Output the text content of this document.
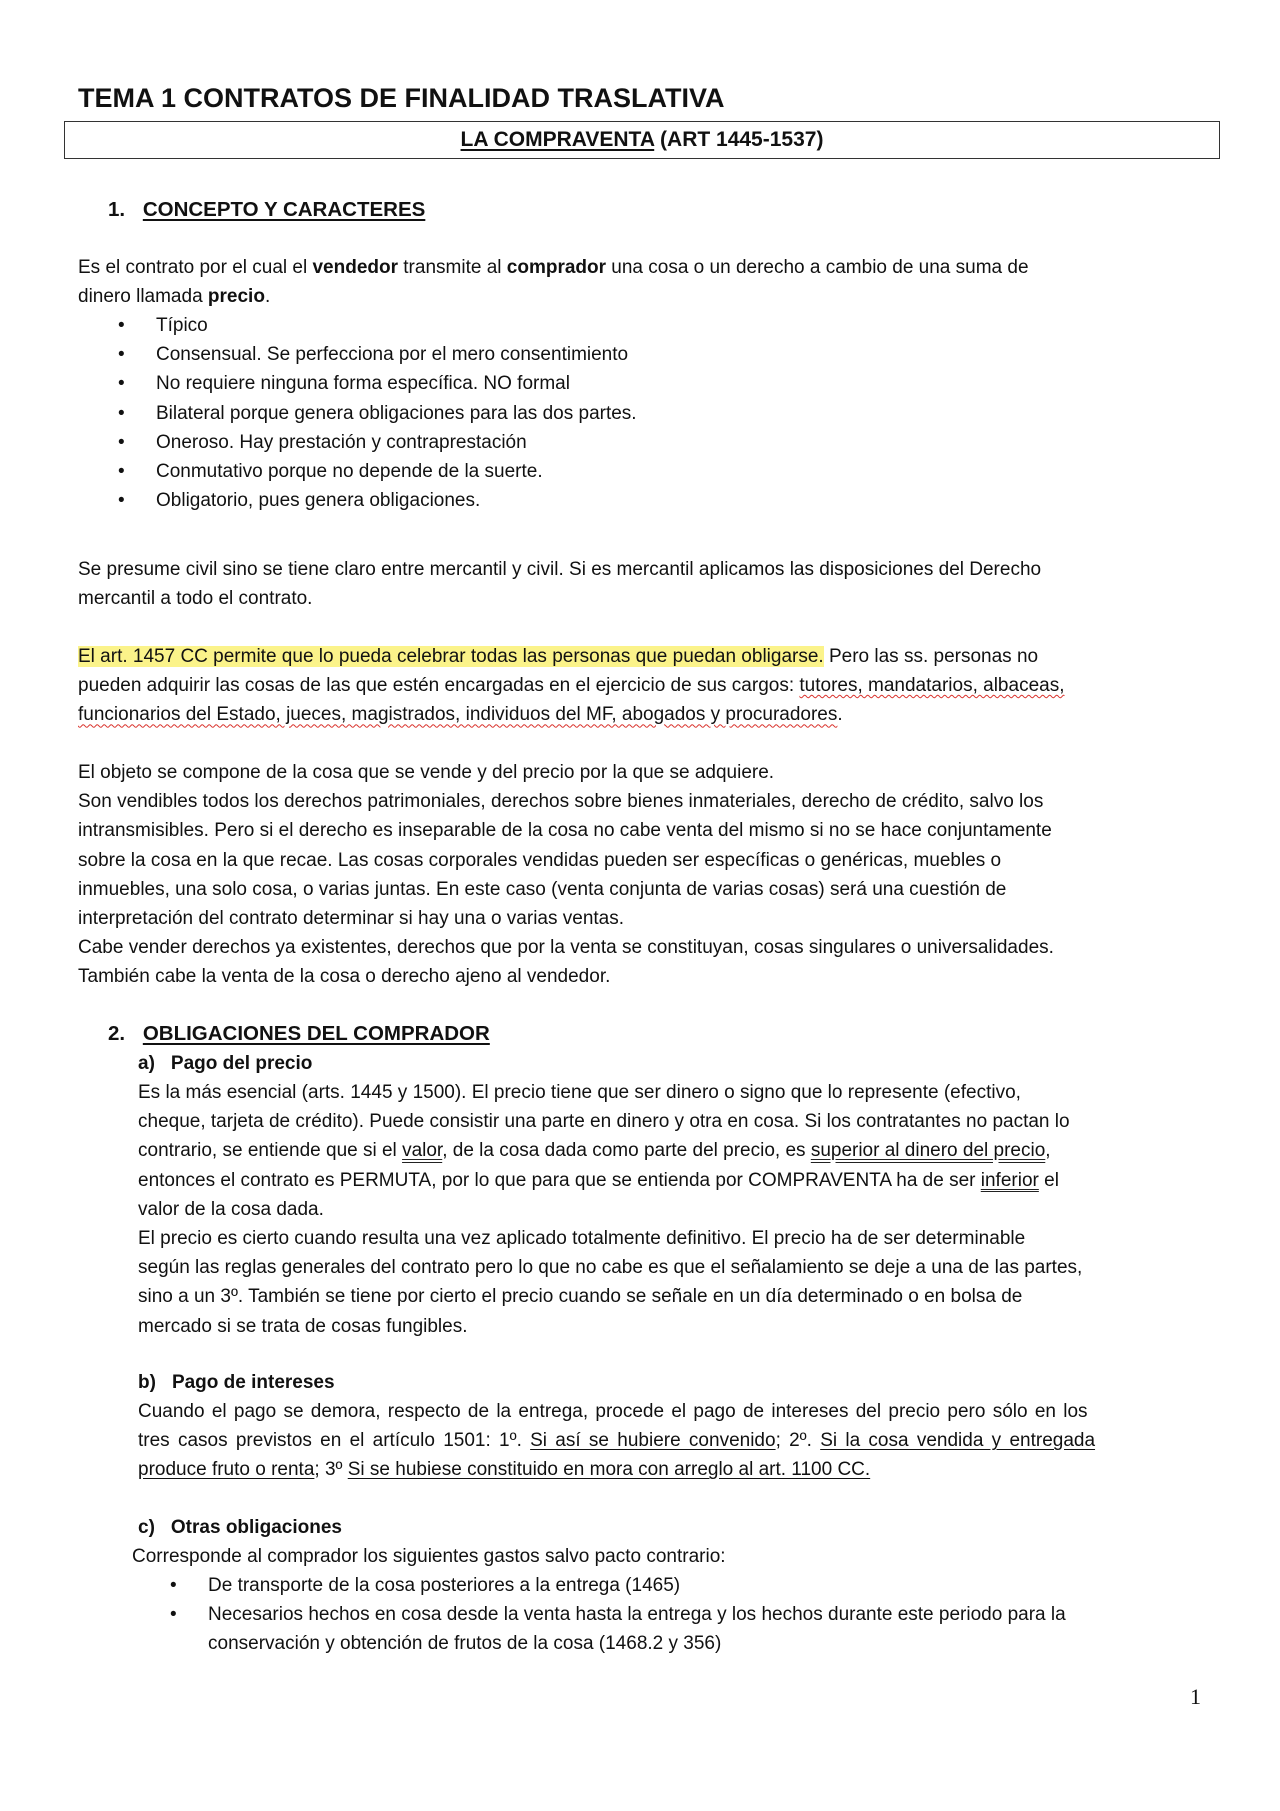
TEMA 1 CONTRATOS DE FINALIDAD TRASLATIVA
LA COMPRAVENTA (ART 1445-1537)
1. CONCEPTO Y CARACTERES
Es el contrato por el cual el vendedor transmite al comprador una cosa o un derecho a cambio de una suma de
dinero llamada precio.
• Típico
• Consensual. Se perfecciona por el mero consentimiento
• No requiere ninguna forma específica. NO formal
• Bilateral porque genera obligaciones para las dos partes.
• Oneroso. Hay prestación y contraprestación
• Conmutativo porque no depende de la suerte.
• Obligatorio, pues genera obligaciones.
Se presume civil sino se tiene claro entre mercantil y civil. Si es mercantil aplicamos las disposiciones del Derecho
mercantil a todo el contrato.
El art. 1457 CC permite que lo pueda celebrar todas las personas que puedan obligarse. Pero las ss. personas no
pueden adquirir las cosas de las que estén encargadas en el ejercicio de sus cargos: tutores, mandatarios, albaceas,
funcionarios del Estado, jueces, magistrados, individuos del MF, abogados y procuradores.
El objeto se compone de la cosa que se vende y del precio por la que se adquiere.
Son vendibles todos los derechos patrimoniales, derechos sobre bienes inmateriales, derecho de crédito, salvo los
intransmisibles. Pero si el derecho es inseparable de la cosa no cabe venta del mismo si no se hace conjuntamente
sobre la cosa en la que recae. Las cosas corporales vendidas pueden ser específicas o genéricas, muebles o
inmuebles, una solo cosa, o varias juntas. En este caso (venta conjunta de varias cosas) será una cuestión de
interpretación del contrato determinar si hay una o varias ventas.
Cabe vender derechos ya existentes, derechos que por la venta se constituyan, cosas singulares o universalidades.
También cabe la venta de la cosa o derecho ajeno al vendedor.
2. OBLIGACIONES DEL COMPRADOR
a) Pago del precio
Es la más esencial (arts. 1445 y 1500). El precio tiene que ser dinero o signo que lo represente (efectivo,
cheque, tarjeta de crédito). Puede consistir una parte en dinero y otra en cosa. Si los contratantes no pactan lo
contrario, se entiende que si el valor, de la cosa dada como parte del precio, es superior al dinero del precio,
entonces el contrato es PERMUTA, por lo que para que se entienda por COMPRAVENTA ha de ser inferior el
valor de la cosa dada.
El precio es cierto cuando resulta una vez aplicado totalmente definitivo. El precio ha de ser determinable
según las reglas generales del contrato pero lo que no cabe es que el señalamiento se deje a una de las partes,
sino a un 3º. También se tiene por cierto el precio cuando se señale en un día determinado o en bolsa de
mercado si se trata de cosas fungibles.
b) Pago de intereses
Cuando el pago se demora, respecto de la entrega, procede el pago de intereses del precio pero sólo en los
tres casos previstos en el artículo 1501: 1º. Si así se hubiere convenido; 2º. Si la cosa vendida y entregada
produce fruto o renta; 3º Si se hubiese constituido en mora con arreglo al art. 1100 CC.
c) Otras obligaciones
Corresponde al comprador los siguientes gastos salvo pacto contrario:
• De transporte de la cosa posteriores a la entrega (1465)
• Necesarios hechos en cosa desde la venta hasta la entrega y los hechos durante este periodo para la
conservación y obtención de frutos de la cosa (1468.2 y 356)
1
